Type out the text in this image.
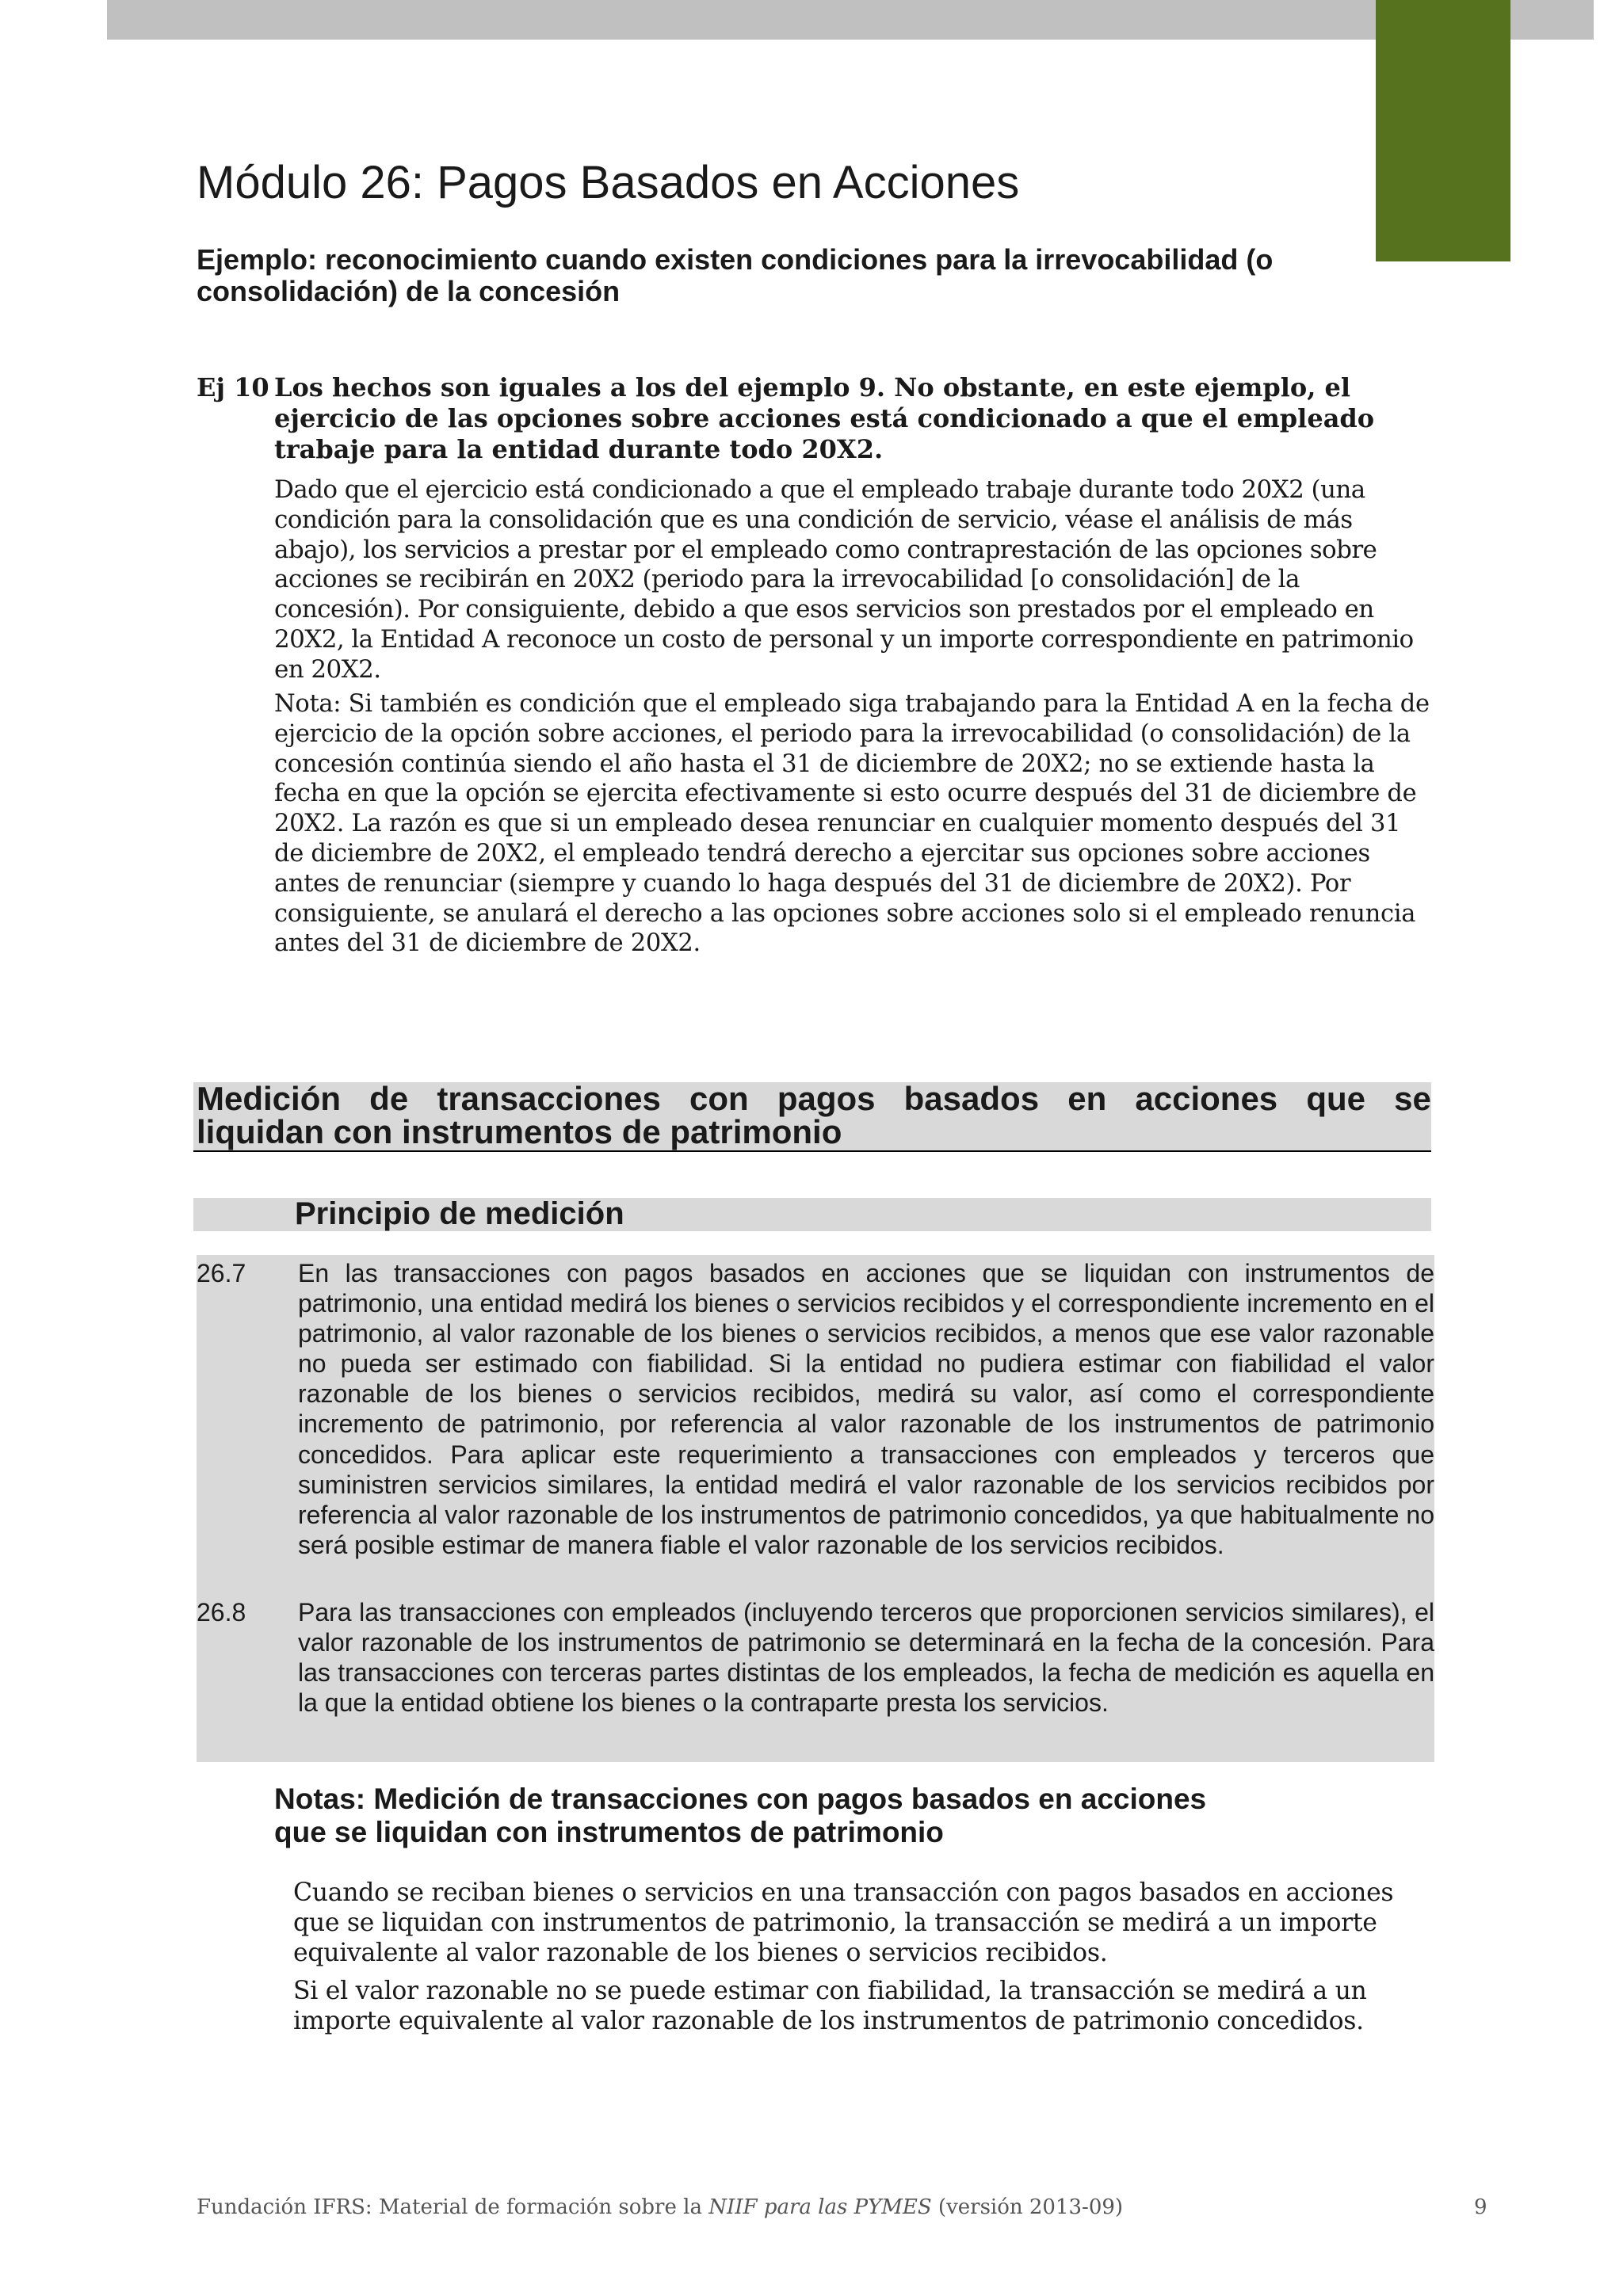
Módulo 26: Pagos Basados en Acciones
Ejemplo: reconocimiento cuando existen condiciones para la irrevocabilidad (o consolidación) de la concesión
Ej 10 Los hechos son iguales a los del ejemplo 9. No obstante, en este ejemplo, el ejercicio de las opciones sobre acciones está condicionado a que el empleado trabaje para la entidad durante todo 20X2.

Dado que el ejercicio está condicionado a que el empleado trabaje durante todo 20X2 (una condición para la consolidación que es una condición de servicio, véase el análisis de más abajo), los servicios a prestar por el empleado como contraprestación de las opciones sobre acciones se recibirán en 20X2 (periodo para la irrevocabilidad [o consolidación] de la concesión). Por consiguiente, debido a que esos servicios son prestados por el empleado en 20X2, la Entidad A reconoce un costo de personal y un importe correspondiente en patrimonio en 20X2.

Nota: Si también es condición que el empleado siga trabajando para la Entidad A en la fecha de ejercicio de la opción sobre acciones, el periodo para la irrevocabilidad (o consolidación) de la concesión continúa siendo el año hasta el 31 de diciembre de 20X2; no se extiende hasta la fecha en que la opción se ejercita efectivamente si esto ocurre después del 31 de diciembre de 20X2. La razón es que si un empleado desea renunciar en cualquier momento después del 31 de diciembre de 20X2, el empleado tendrá derecho a ejercitar sus opciones sobre acciones antes de renunciar (siempre y cuando lo haga después del 31 de diciembre de 20X2). Por consiguiente, se anulará el derecho a las opciones sobre acciones solo si el empleado renuncia antes del 31 de diciembre de 20X2.

Medición de transacciones con pagos basados en acciones que se
liquidan con instrumentos de patrimonio
Principio de medición
26.7 En las transacciones con pagos basados en acciones que se liquidan con instrumentos de patrimonio, una entidad medirá los bienes o servicios recibidos y el correspondiente incremento en el patrimonio, al valor razonable de los bienes o servicios recibidos, a menos que ese valor razonable no pueda ser estimado con fiabilidad. Si la entidad no pudiera estimar con fiabilidad el valor razonable de los bienes o servicios recibidos, medirá su valor, así como el correspondiente incremento de patrimonio, por referencia al valor razonable de los instrumentos de patrimonio concedidos. Para aplicar este requerimiento a transacciones con empleados y terceros que suministren servicios similares, la entidad medirá el valor razonable de los servicios recibidos por referencia al valor razonable de los instrumentos de patrimonio concedidos, ya que habitualmente no será posible estimar de manera fiable el valor razonable de los servicios recibidos.

26.8 Para las transacciones con empleados (incluyendo terceros que proporcionen servicios similares), el valor razonable de los instrumentos de patrimonio se determinará en la fecha de la concesión. Para las transacciones con terceras partes distintas de los empleados, la fecha de medición es aquella en la que la entidad obtiene los bienes o la contraparte presta los servicios.

Notas: Medición de transacciones con pagos basados en acciones
que se liquidan con instrumentos de patrimonio

Cuando se reciban bienes o servicios en una transacción con pagos basados en acciones que se liquidan con instrumentos de patrimonio, la transacción se medirá a un importe equivalente al valor razonable de los bienes o servicios recibidos.

Si el valor razonable no se puede estimar con fiabilidad, la transacción se medirá a un importe equivalente al valor razonable de los instrumentos de patrimonio concedidos.

Fundación IFRS: Material de formación sobre la NIIF para las PYMES (versión 2013-09)	9
